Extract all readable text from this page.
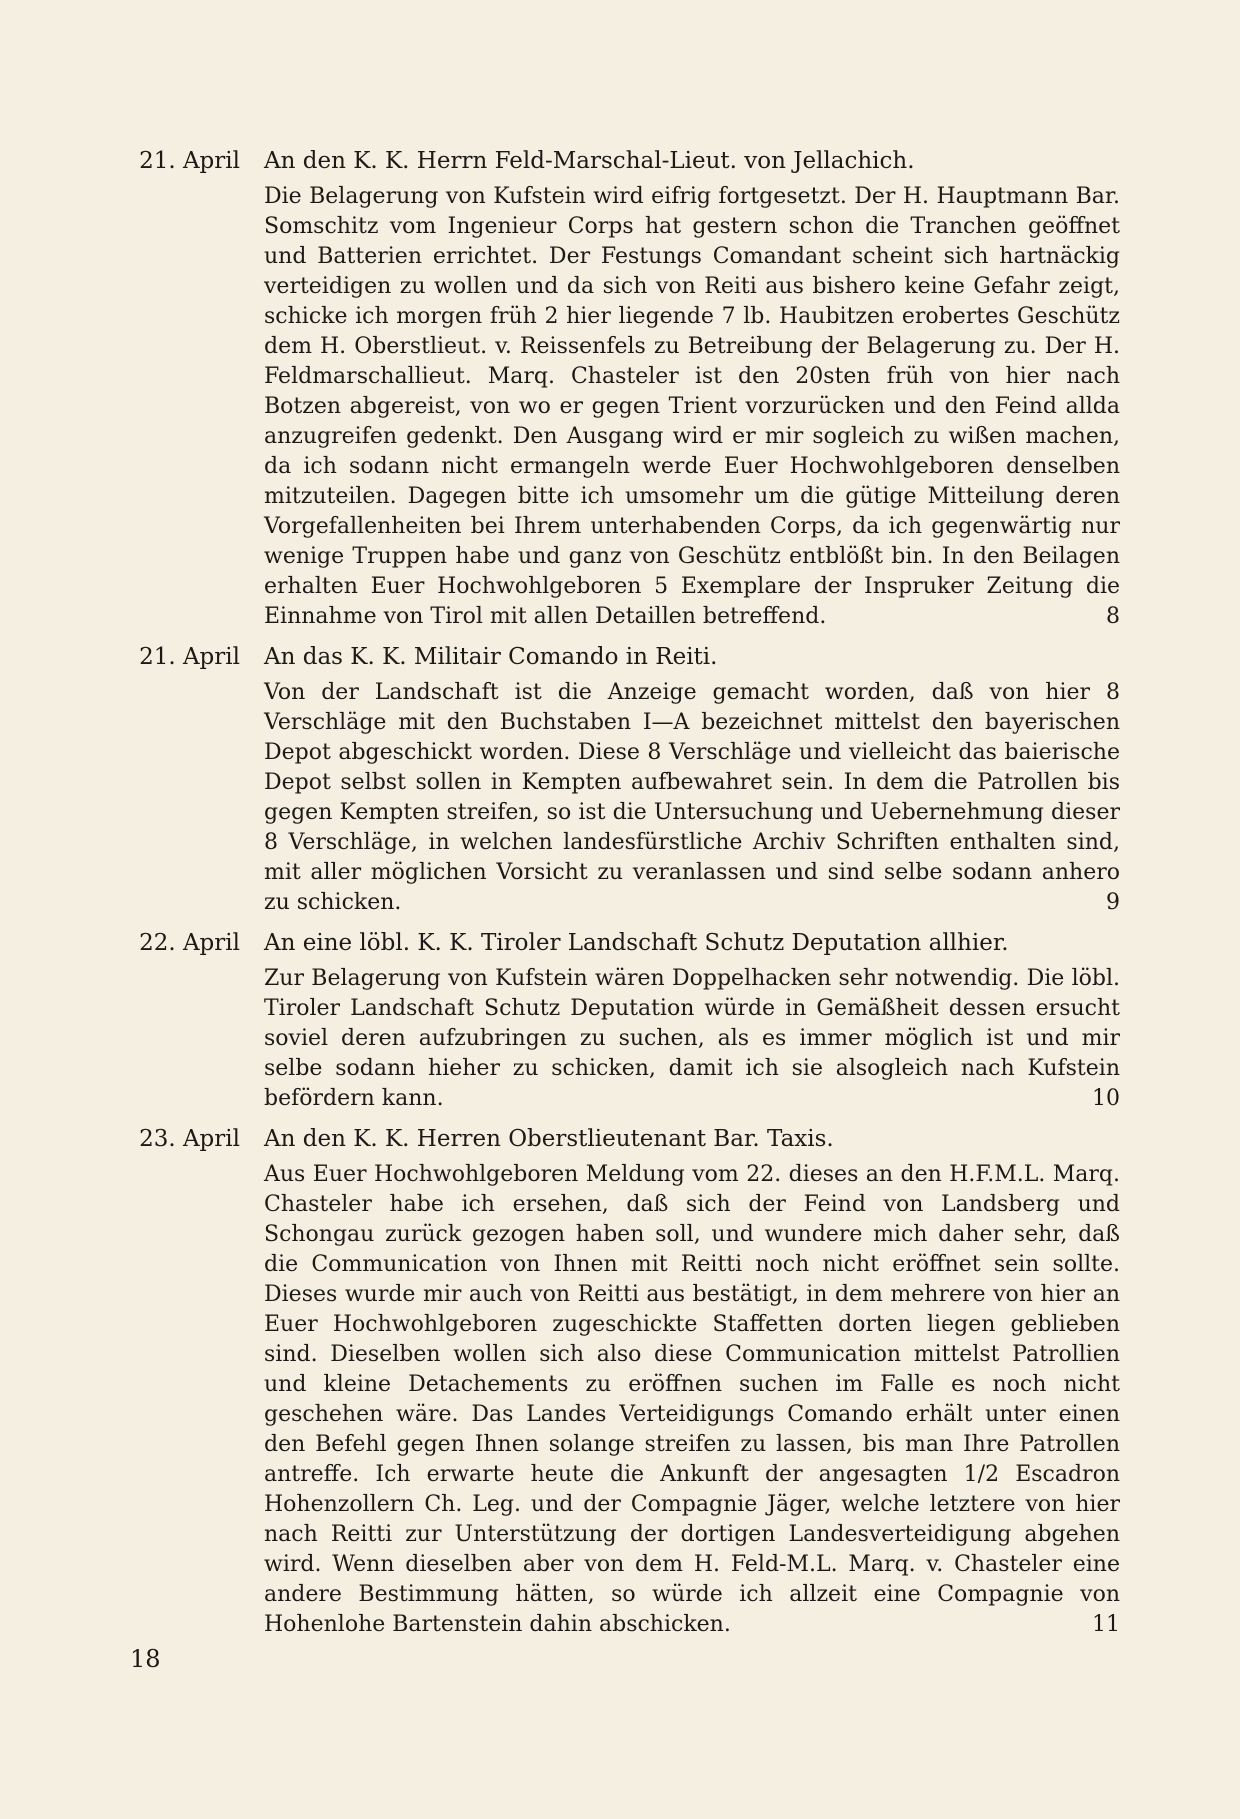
21. April An den K. K. Herrn Feld-Marschal-Lieut. von Jellachich.

Die Belagerung von Kufstein wird eifrig fortgesetzt. Der H. Hauptmann Bar. Somschitz vom Ingenieur Corps hat gestern schon die Tranchen geöffnet und Batterien errichtet. Der Festungs Comandant scheint sich hartnäckig verteidigen zu wollen und da sich von Reiti aus bishero keine Gefahr zeigt, schicke ich morgen früh 2 hier liegende 7 lb. Haubitzen erobertes Geschütz dem H. Oberstlieut. v. Reissenfels zu Betreibung der Belagerung zu. Der H. Feldmarschallieut. Marq. Chasteler ist den 20sten früh von hier nach Botzen abgereist, von wo er gegen Trient vorzurücken und den Feind allda anzugreifen gedenkt. Den Ausgang wird er mir sogleich zu wißen machen, da ich sodann nicht ermangeln werde Euer Hochwohlgeboren denselben mitzuteilen. Dagegen bitte ich umsomehr um die gütige Mitteilung deren Vorgefallenheiten bei Ihrem unterhabenden Corps, da ich gegenwärtig nur wenige Truppen habe und ganz von Geschütz entblößt bin. In den Beilagen erhalten Euer Hochwohlgeboren 5 Exemplare der Inspruker Zeitung die Einnahme von Tirol mit allen Detaillen betreffend.	8

21. April An das K. K. Militair Comando in Reiti.

Von der Landschaft ist die Anzeige gemacht worden, daß von hier 8 Verschläge mit den Buchstaben I—A bezeichnet mittelst den bayerischen Depot abgeschickt worden. Diese 8 Verschläge und vielleicht das baierische Depot selbst sollen in Kempten aufbewahret sein. In dem die Patrollen bis gegen Kempten streifen, so ist die Untersuchung und Uebernehmung dieser 8 Verschläge, in welchen landesfürstliche Archiv Schriften enthalten sind, mit aller möglichen Vorsicht zu veranlassen und sind selbe sodann anhero zu schicken.	9

22. April An eine löbl. K. K. Tiroler Landschaft Schutz Deputation allhier.

Zur Belagerung von Kufstein wären Doppelhacken sehr notwendig. Die löbl. Tiroler Landschaft Schutz Deputation würde in Gemäßheit dessen ersucht soviel deren aufzubringen zu suchen, als es immer möglich ist und mir selbe sodann hieher zu schicken, damit ich sie alsogleich nach Kufstein befördern kann.	10

23. April An den K. K. Herren Oberstlieutenant Bar. Taxis.

Aus Euer Hochwohlgeboren Meldung vom 22. dieses an den H.F.M.L. Marq. Chasteler habe ich ersehen, daß sich der Feind von Landsberg und Schongau zurück gezogen haben soll, und wundere mich daher sehr, daß die Communication von Ihnen mit Reitti noch nicht eröffnet sein sollte. Dieses wurde mir auch von Reitti aus bestätigt, in dem mehrere von hier an Euer Hochwohlgeboren zugeschickte Staffetten dorten liegen geblieben sind. Dieselben wollen sich also diese Communication mittelst Patrollien und kleine Detachements zu eröffnen suchen im Falle es noch nicht geschehen wäre. Das Landes Verteidigungs Comando erhält unter einen den Befehl gegen Ihnen solange streifen zu lassen, bis man Ihre Patrollen antreffe. Ich erwarte heute die Ankunft der angesagten 1/2 Escadron Hohenzollern Ch. Leg. und der Compagnie Jäger, welche letztere von hier nach Reitti zur Unterstützung der dortigen Landesverteidigung abgehen wird. Wenn dieselben aber von dem H. Feld-M.L. Marq. v. Chasteler eine andere Bestimmung hätten, so würde ich allzeit eine Compagnie von Hohenlohe Bartenstein dahin abschicken.	11

18
